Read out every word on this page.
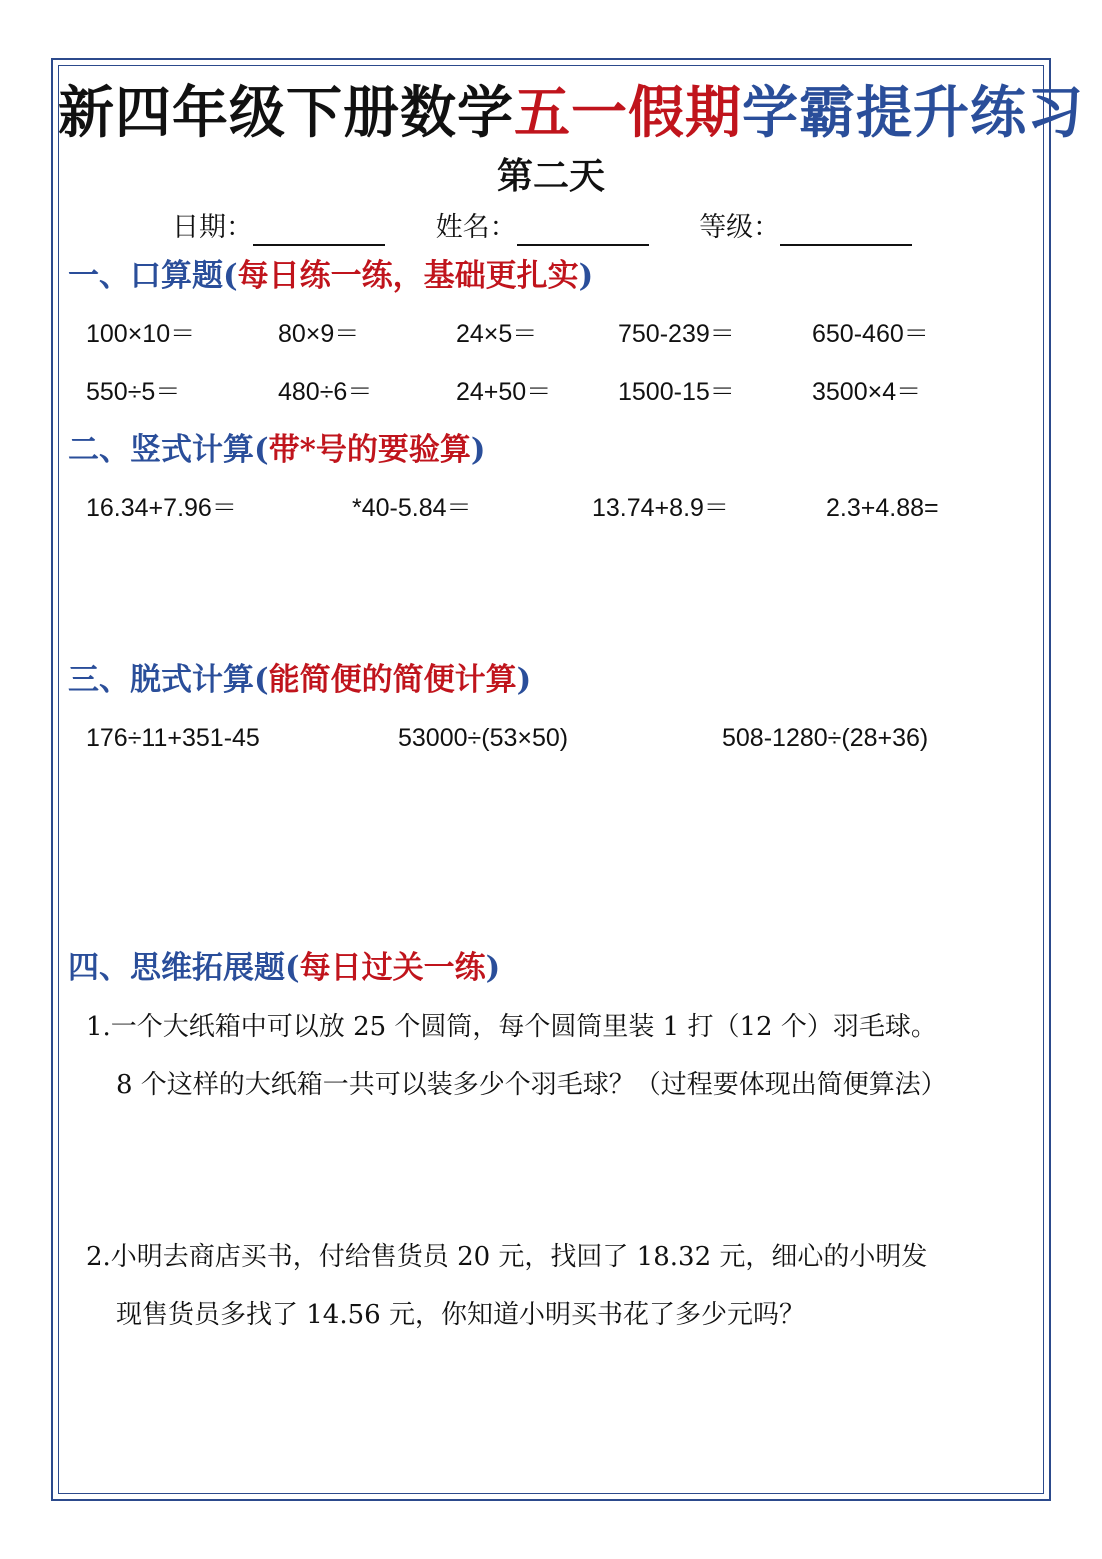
新四年级下册数学五一假期学霸提升练习
第二天
日期：	姓名：	等级：
一、口算题(每日练一练，基础更扎实)
100×10＝	80×9＝	24×5＝	750-239＝	650-460＝
550÷5＝	480÷6＝	24+50＝	1500-15＝	3500×4＝
二、竖式计算(带*号的要验算)
16.34+7.96＝	*40-5.84＝	13.74+8.9＝	2.3+4.88=
三、脱式计算(能简便的简便计算)
176÷11+351-45	53000÷(53×50)	508-1280÷(28+36)
四、思维拓展题(每日过关一练)
1.一个大纸箱中可以放 25 个圆筒，每个圆筒里装 1 打（12 个）羽毛球。
8 个这样的大纸箱一共可以装多少个羽毛球？（过程要体现出简便算法）
2.小明去商店买书，付给售货员 20 元，找回了 18.32 元，细心的小明发
现售货员多找了 14.56 元，你知道小明买书花了多少元吗？
